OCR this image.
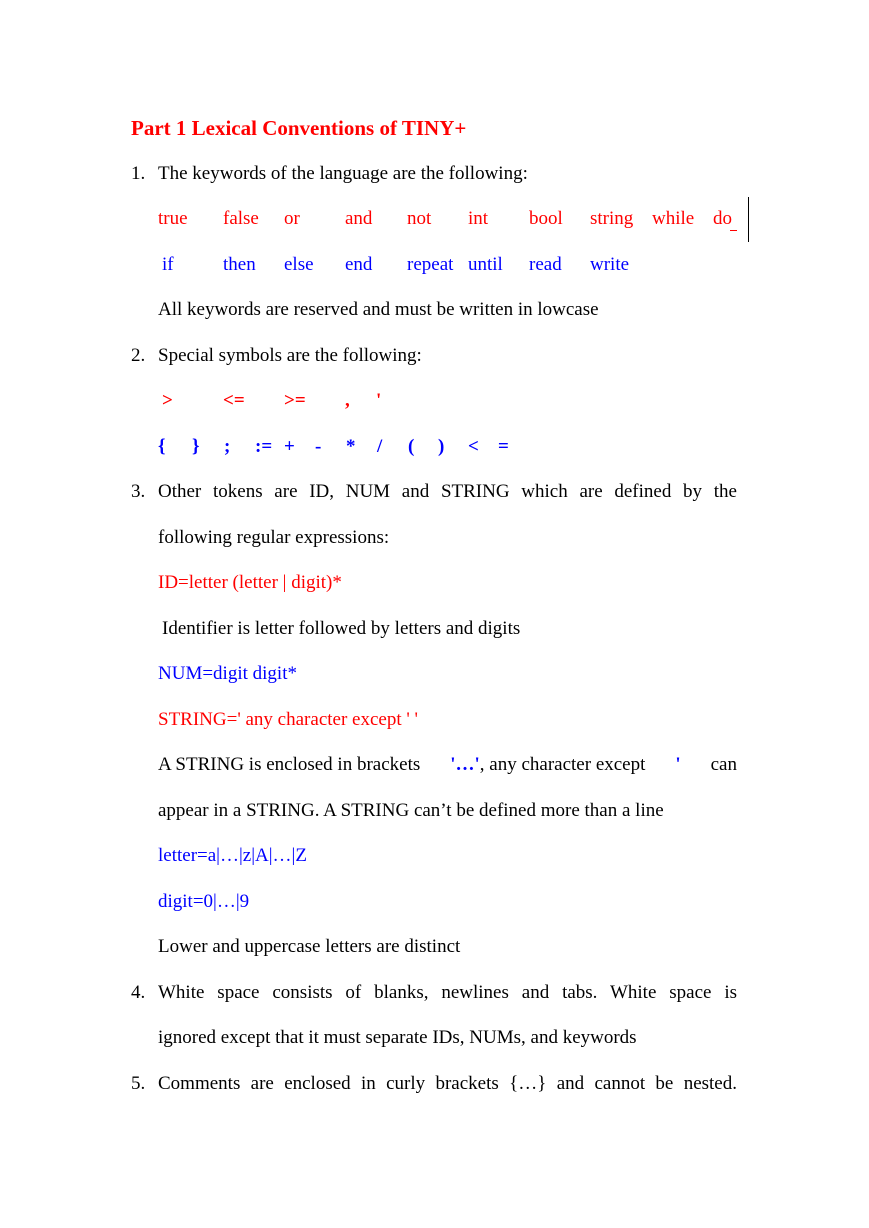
Part 1 Lexical Conventions of TINY+
1. The keywords of the language are the following:
true false or and not int bool string while do
if	then else end repeat until read write
All keywords are reserved and must be written in lowcase
2. Special symbols are the following:
>	<= >= , '
{ } ; := + - * / ( ) < =
3. Other tokens are ID, NUM and STRING which are defined by the
following regular expressions:
ID=letter (letter | digit)*
Identifier is letter followed by letters and digits
NUM=digit digit*
STRING=' any character except ' '
A STRING is enclosed in brackets '…' , any character except ' can
appear in a STRING. A STRING can’t be defined more than a line
letter=a|…|z|A|…|Z
digit=0|…|9
Lower and uppercase letters are distinct
4. White space consists of blanks, newlines and tabs. White space is
ignored except that it must separate IDs, NUMs, and keywords
5. Comments are enclosed in curly brackets {…} and cannot be nested.
